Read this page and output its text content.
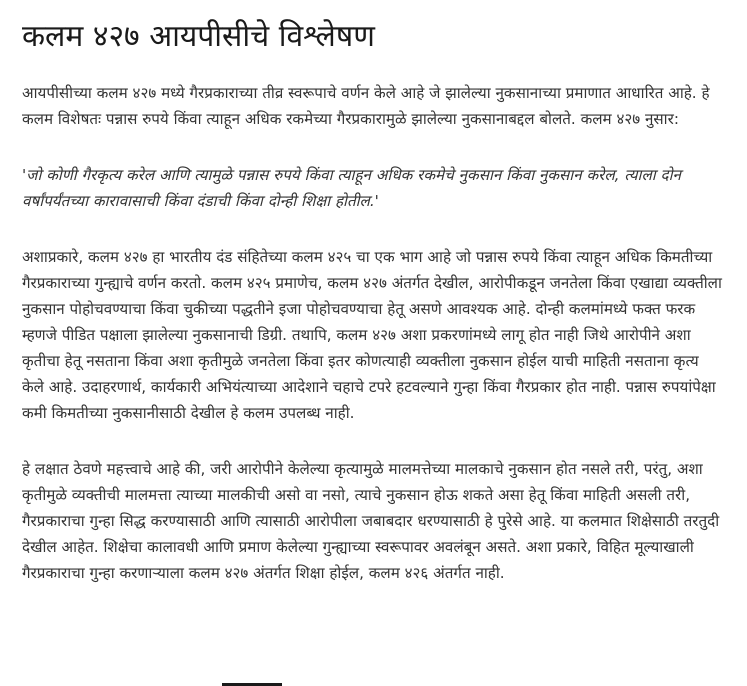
कलम ४२७ आयपीसीचे विश्लेषण

आयपीसीच्या कलम ४२७ मध्ये गैरप्रकाराच्या तीव्र स्वरूपाचे वर्णन केले आहे जे झालेल्या नुकसानाच्या प्रमाणात आधारित आहे. हे कलम विशेषतः पन्नास रुपये किंवा त्याहून अधिक रकमेच्या गैरप्रकारामुळे झालेल्या नुकसानाबद्दल बोलते. कलम ४२७ नुसार:

'जो कोणी गैरकृत्य करेल आणि त्यामुळे पन्नास रुपये किंवा त्याहून अधिक रकमेचे नुकसान किंवा नुकसान करेल, त्याला दोन वर्षांपर्यंतच्या कारावासाची किंवा दंडाची किंवा दोन्ही शिक्षा होतील.'

अशाप्रकारे, कलम ४२७ हा भारतीय दंड संहितेच्या कलम ४२५ चा एक भाग आहे जो पन्नास रुपये किंवा त्याहून अधिक किमतीच्या गैरप्रकाराच्या गुन्ह्याचे वर्णन करतो. कलम ४२५ प्रमाणेच, कलम ४२७ अंतर्गत देखील, आरोपीकडून जनतेला किंवा एखाद्या व्यक्तीला नुकसान पोहोचवण्याचा किंवा चुकीच्या पद्धतीने इजा पोहोचवण्याचा हेतू असणे आवश्यक आहे. दोन्ही कलमांमध्ये फक्त फरक म्हणजे पीडित पक्षाला झालेल्या नुकसानाची डिग्री. तथापि, कलम ४२७ अशा प्रकरणांमध्ये लागू होत नाही जिथे आरोपीने अशा कृतीचा हेतू नसताना किंवा अशा कृतीमुळे जनतेला किंवा इतर कोणत्याही व्यक्तीला नुकसान होईल याची माहिती नसताना कृत्य केले आहे. उदाहरणार्थ, कार्यकारी अभियंत्याच्या आदेशाने चहाचे टपरे हटवल्याने गुन्हा किंवा गैरप्रकार होत नाही. पन्नास रुपयांपेक्षा कमी किमतीच्या नुकसानीसाठी देखील हे कलम उपलब्ध नाही.

हे लक्षात ठेवणे महत्त्वाचे आहे की, जरी आरोपीने केलेल्या कृत्यामुळे मालमत्तेच्या मालकाचे नुकसान होत नसले तरी, परंतु, अशा कृतीमुळे व्यक्तीची मालमत्ता त्याच्या मालकीची असो वा नसो, त्याचे नुकसान होऊ शकते असा हेतू किंवा माहिती असली तरी, गैरप्रकाराचा गुन्हा सिद्ध करण्यासाठी आणि त्यासाठी आरोपीला जबाबदार धरण्यासाठी हे पुरेसे आहे. या कलमात शिक्षेसाठी तरतुदी देखील आहेत. शिक्षेचा कालावधी आणि प्रमाण केलेल्या गुन्ह्याच्या स्वरूपावर अवलंबून असते. अशा प्रकारे, विहित मूल्याखाली गैरप्रकाराचा गुन्हा करणाऱ्याला कलम ४२७ अंतर्गत शिक्षा होईल, कलम ४२६ अंतर्गत नाही.
